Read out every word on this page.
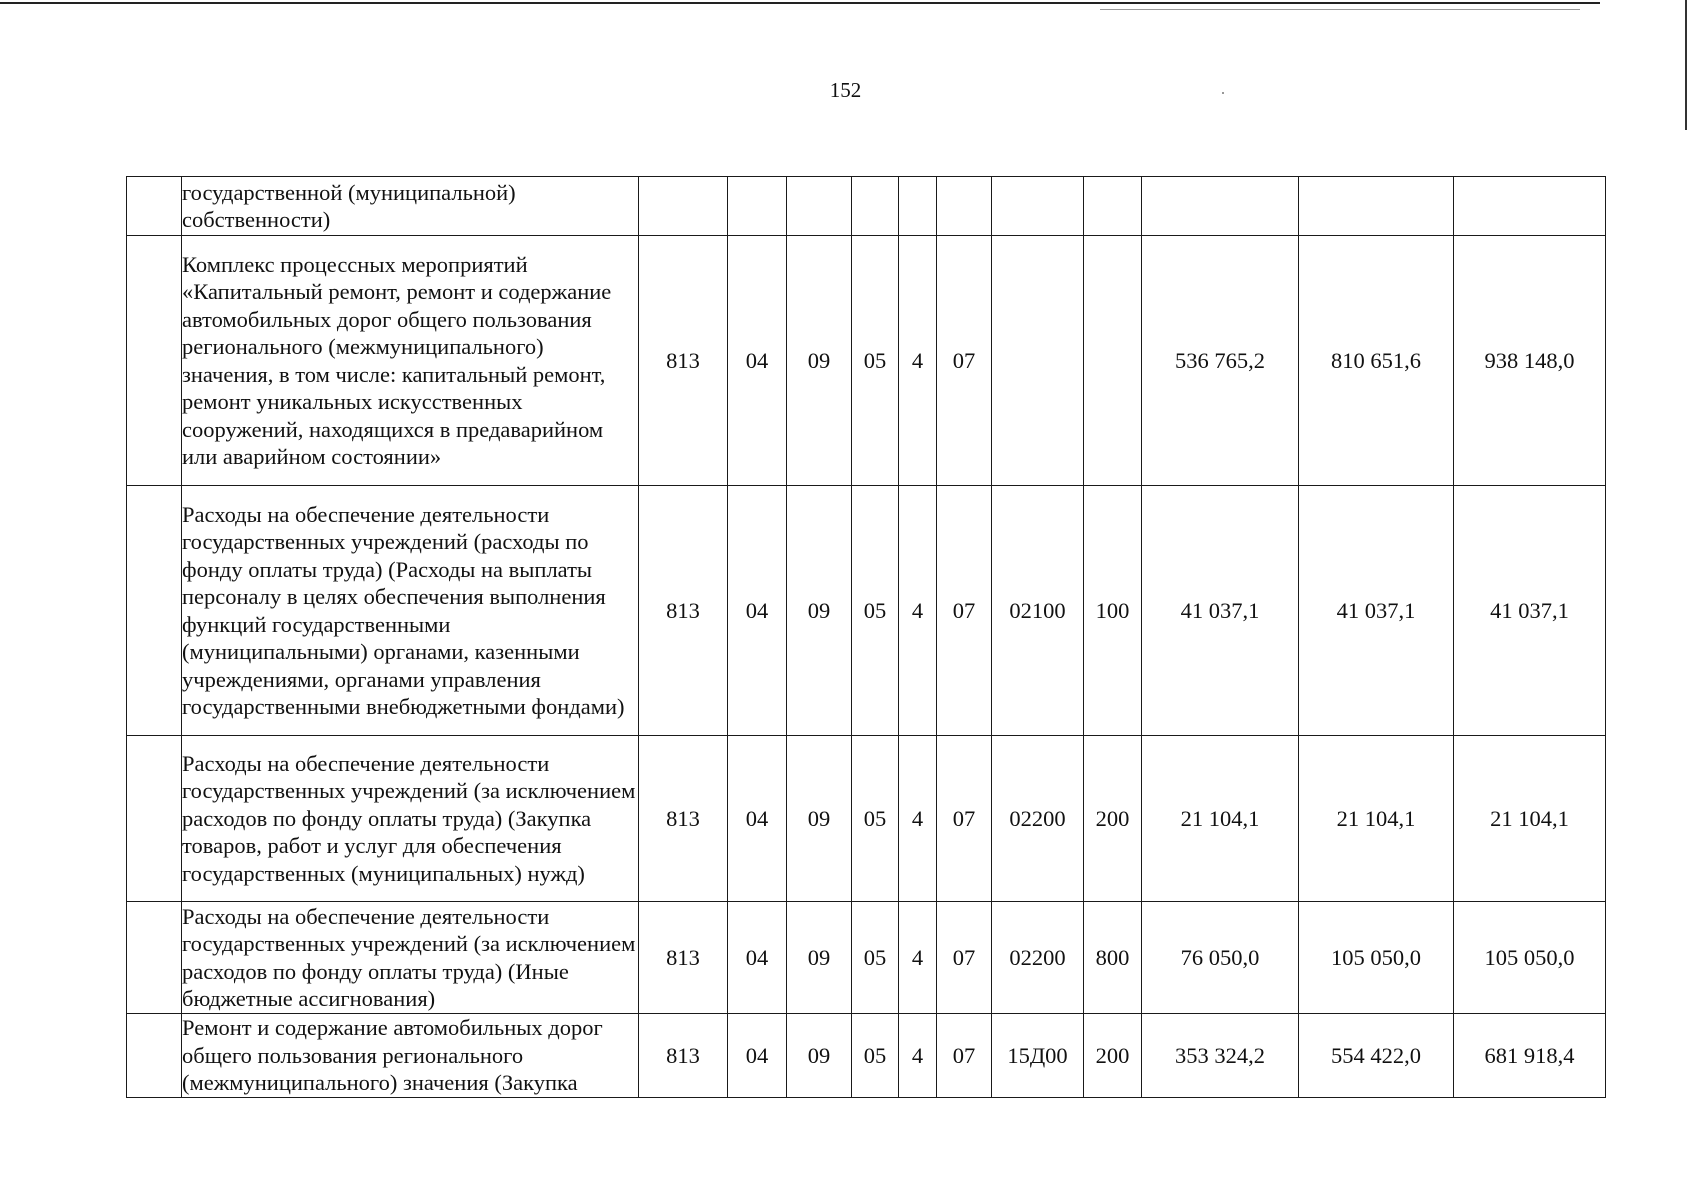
152
	государственной (муниципальной) собственности)											
	Комплекс процессных мероприятий «Капитальный ремонт, ремонт и содержание автомобильных дорог общего пользования регионального (межмуниципального) значения, в том числе: капитальный ремонт, ремонт уникальных искусственных сооружений, находящихся в предаварийном или аварийном состоянии»	813	04	09	05	4	07			536 765,2	810 651,6	938 148,0
	Расходы на обеспечение деятельности государственных учреждений (расходы по фонду оплаты труда) (Расходы на выплаты персоналу в целях обеспечения выполнения функций государственными (муниципальными) органами, казенными учреждениями, органами управления государственными внебюджетными фондами)	813	04	09	05	4	07	02100	100	41 037,1	41 037,1	41 037,1
	Расходы на обеспечение деятельности государственных учреждений (за исключением расходов по фонду оплаты труда) (Закупка товаров, работ и услуг для обеспечения государственных (муниципальных) нужд)	813	04	09	05	4	07	02200	200	21 104,1	21 104,1	21 104,1
	Расходы на обеспечение деятельности государственных учреждений (за исключением расходов по фонду оплаты труда) (Иные бюджетные ассигнования)	813	04	09	05	4	07	02200	800	76 050,0	105 050,0	105 050,0
	Ремонт и содержание автомобильных дорог общего пользования регионального (межмуниципального) значения (Закупка	813	04	09	05	4	07	15Д00	200	353 324,2	554 422,0	681 918,4
